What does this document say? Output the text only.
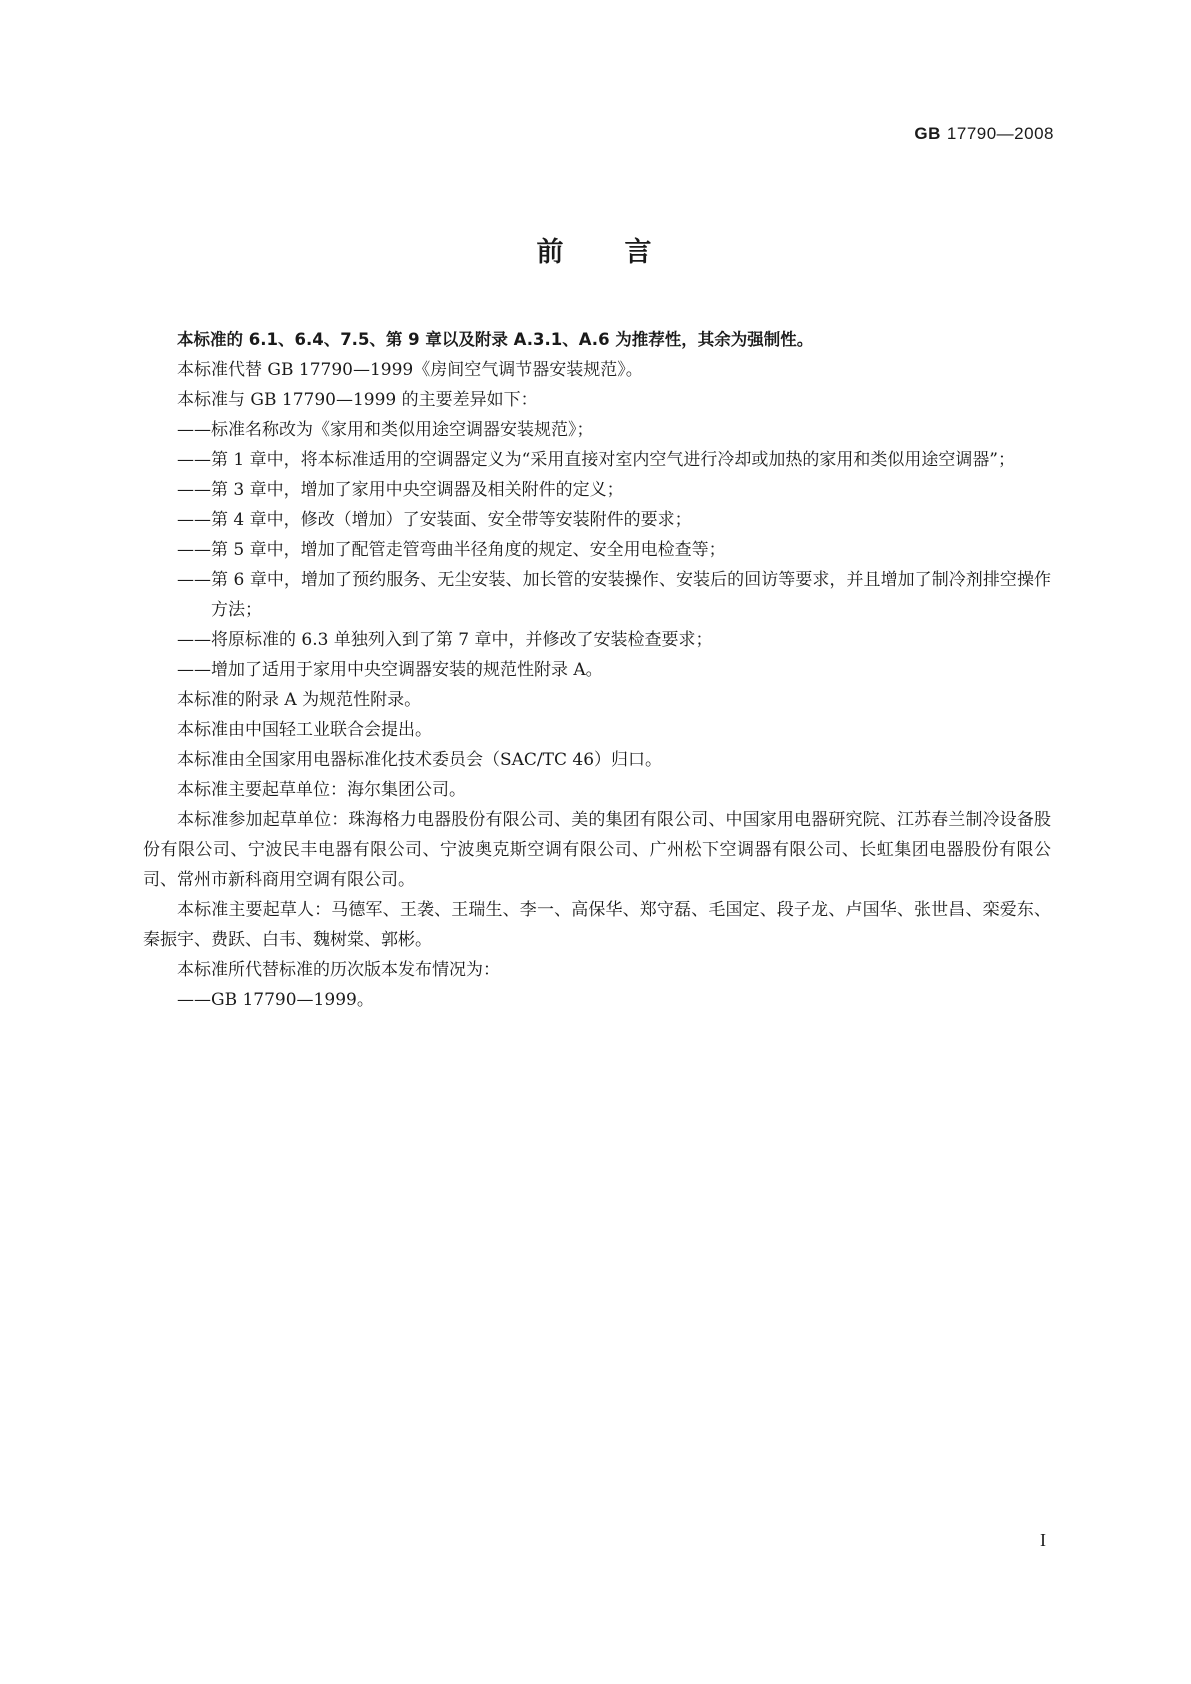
GB 17790—2008
前 言

本标准的 6.1、6.4、7.5、第 9 章以及附录 A.3.1、A.6 为推荐性，其余为强制性。

本标准代替 GB 17790—1999《房间空气调节器安装规范》。

本标准与 GB 17790—1999 的主要差异如下：

——标准名称改为《家用和类似用途空调器安装规范》；

——第 1 章中，将本标准适用的空调器定义为“采用直接对室内空气进行冷却或加热的家用和类似用途空调器”；

——第 3 章中，增加了家用中央空调器及相关附件的定义；

——第 4 章中，修改（增加）了安装面、安全带等安装附件的要求；

——第 5 章中，增加了配管走管弯曲半径角度的规定、安全用电检查等；

——第 6 章中，增加了预约服务、无尘安装、加长管的安装操作、安装后的回访等要求，并且增加了制冷剂排空操作方法；

——将原标准的 6.3 单独列入到了第 7 章中，并修改了安装检查要求；

——增加了适用于家用中央空调器安装的规范性附录 A。

本标准的附录 A 为规范性附录。

本标准由中国轻工业联合会提出。

本标准由全国家用电器标准化技术委员会（SAC/TC 46）归口。

本标准主要起草单位：海尔集团公司。

本标准参加起草单位：珠海格力电器股份有限公司、美的集团有限公司、中国家用电器研究院、江苏春兰制冷设备股份有限公司、宁波民丰电器有限公司、宁波奥克斯空调有限公司、广州松下空调器有限公司、长虹集团电器股份有限公司、常州市新科商用空调有限公司。

本标准主要起草人：马德军、王袭、王瑞生、李一、高保华、郑守磊、毛国定、段子龙、卢国华、张世昌、栾爱东、秦振宇、费跃、白韦、魏树棠、郭彬。

本标准所代替标准的历次版本发布情况为：

——GB 17790—1999。

I
